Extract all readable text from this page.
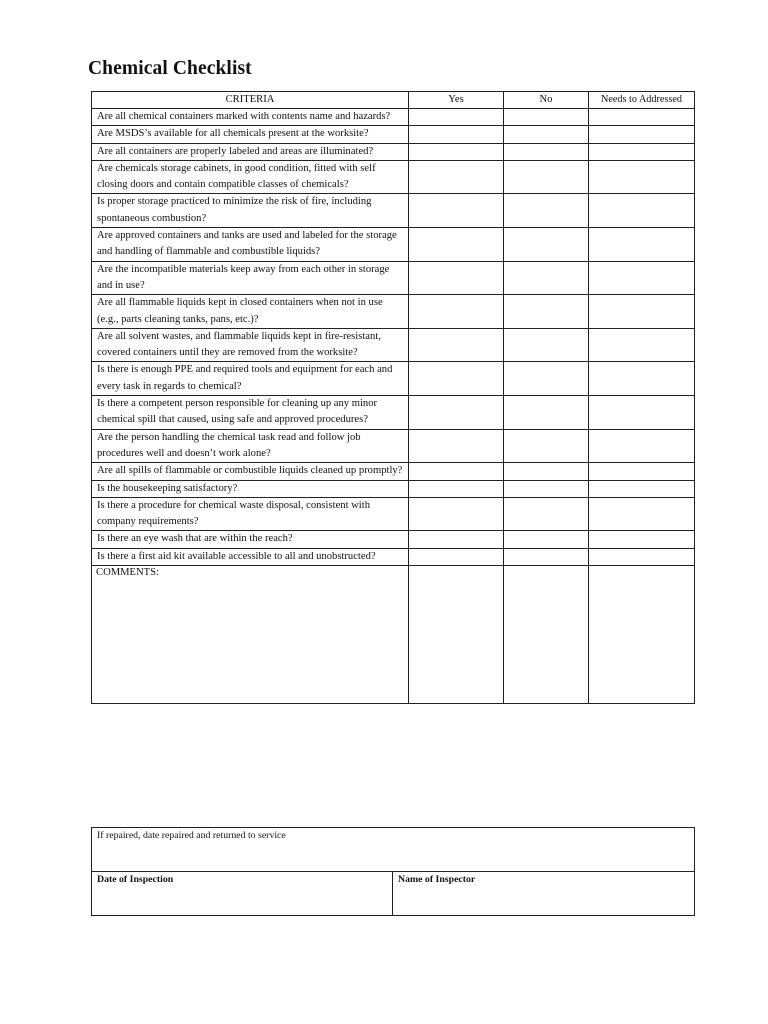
Chemical Checklist
CRITERIA	Yes	No	Needs to Addressed
Are all chemical containers marked with contents name and hazards?			
Are MSDS’s available for all chemicals present at the worksite?			
Are all containers are properly labeled and areas are illuminated?			
Are chemicals storage cabinets, in good condition, fitted with self closing doors and contain compatible classes of chemicals?			
Is proper storage practiced to minimize the risk of fire, including spontaneous combustion?			
Are approved containers and tanks are used and labeled for the storage and handling of flammable and combustible liquids?			
Are the incompatible materials keep away from each other in storage and in use?			
Are all flammable liquids kept in closed containers when not in use (e.g., parts cleaning tanks, pans, etc.)?			
Are all solvent wastes, and flammable liquids kept in fire-resistant, covered containers until they are removed from the worksite?			
Is there is enough PPE and required tools and equipment for each and every task in regards to chemical?			
Is there a competent person responsible for cleaning up any minor chemical spill that caused, using safe and approved procedures?			
Are the person handling the chemical task read and follow job procedures well and doesn’t work alone?			
Are all spills of flammable or combustible liquids cleaned up promptly?			
Is the housekeeping satisfactory?			
Is there a procedure for chemical waste disposal, consistent with company requirements?			
Is there an eye wash that are within the reach?			
Is there a first aid kit available accessible to all and unobstructed?			

COMMENTS:			

If repaired, date repaired and returned to service
Date of Inspection	Name of Inspector
